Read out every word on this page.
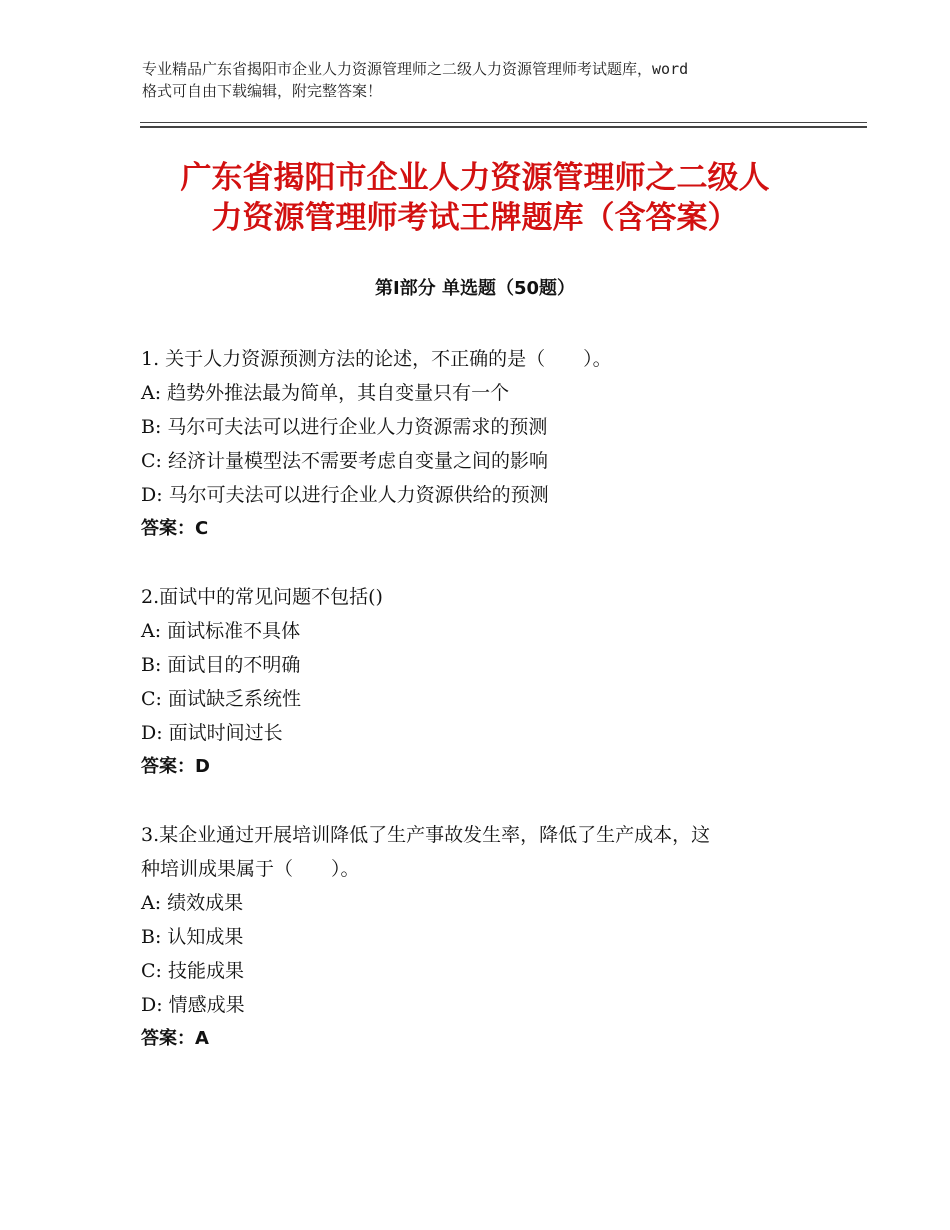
专业精品广东省揭阳市企业人力资源管理师之二级人力资源管理师考试题库，word
格式可自由下载编辑，附完整答案！
广东省揭阳市企业人力资源管理师之二级人
力资源管理师考试王牌题库（含答案）
第Ⅰ部分 单选题（50题）
1. 关于人力资源预测方法的论述，不正确的是（　　）。
A: 趋势外推法最为简单，其自变量只有一个
B: 马尔可夫法可以进行企业人力资源需求的预测
C: 经济计量模型法不需要考虑自变量之间的影响
D: 马尔可夫法可以进行企业人力资源供给的预测
答案：C
2.面试中的常见问题不包括()
A: 面试标准不具体
B: 面试目的不明确
C: 面试缺乏系统性
D: 面试时间过长
答案：D
3.某企业通过开展培训降低了生产事故发生率，降低了生产成本，这
种培训成果属于（　　）。
A: 绩效成果
B: 认知成果
C: 技能成果
D: 情感成果
答案：A
